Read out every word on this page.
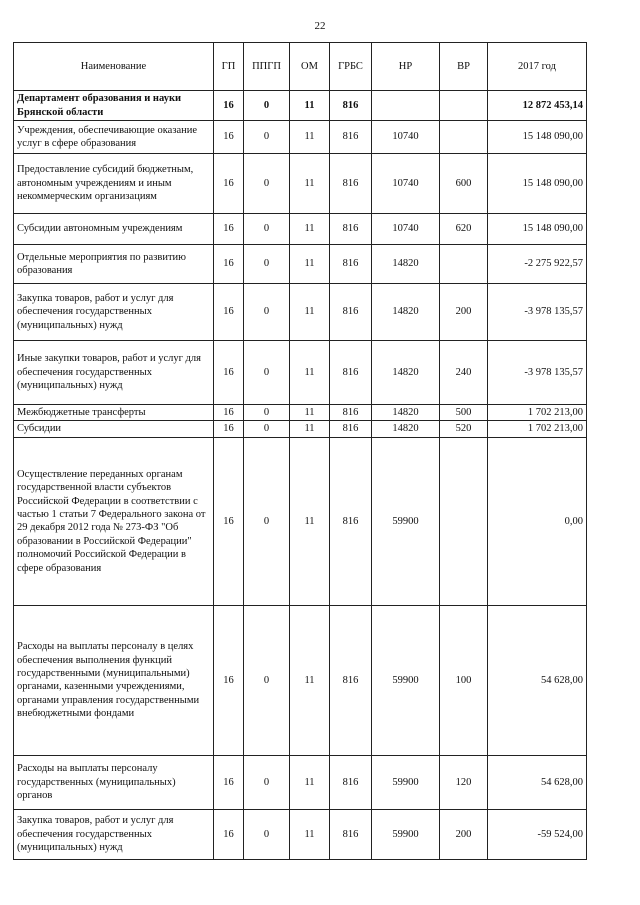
22
Наименование	ГП	ППГП	ОМ	ГРБС	НР	ВР	2017 год
Департамент образования и науки Брянской области	16	0	11	816			12 872 453,14
Учреждения, обеспечивающие оказание услуг в сфере образования	16	0	11	816	10740		15 148 090,00
Предоставление субсидий бюджетным, автономным учреждениям и иным некоммерческим организациям	16	0	11	816	10740	600	15 148 090,00
Субсидии автономным учреждениям	16	0	11	816	10740	620	15 148 090,00
Отдельные мероприятия по развитию образования	16	0	11	816	14820		-2 275 922,57
Закупка товаров, работ и услуг для обеспечения государственных (муниципальных) нужд	16	0	11	816	14820	200	-3 978 135,57
Иные закупки товаров, работ и услуг для обеспечения государственных (муниципальных) нужд	16	0	11	816	14820	240	-3 978 135,57
Межбюджетные трансферты	16	0	11	816	14820	500	1 702 213,00
Субсидии	16	0	11	816	14820	520	1 702 213,00
Осуществление переданных органам государственной власти субъектов Российской Федерации в соответствии с частью 1 статьи 7 Федерального закона от 29 декабря 2012 года № 273-ФЗ "Об образовании в Российской Федерации" полномочий Российской Федерации в сфере образования	16	0	11	816	59900		0,00
Расходы на выплаты персоналу в целях обеспечения выполнения функций государственными (муниципальными) органами, казенными учреждениями, органами управления государственными внебюджетными фондами	16	0	11	816	59900	100	54 628,00
Расходы на выплаты персоналу государственных (муниципальных) органов	16	0	11	816	59900	120	54 628,00
Закупка товаров, работ и услуг для обеспечения государственных (муниципальных) нужд	16	0	11	816	59900	200	-59 524,00
